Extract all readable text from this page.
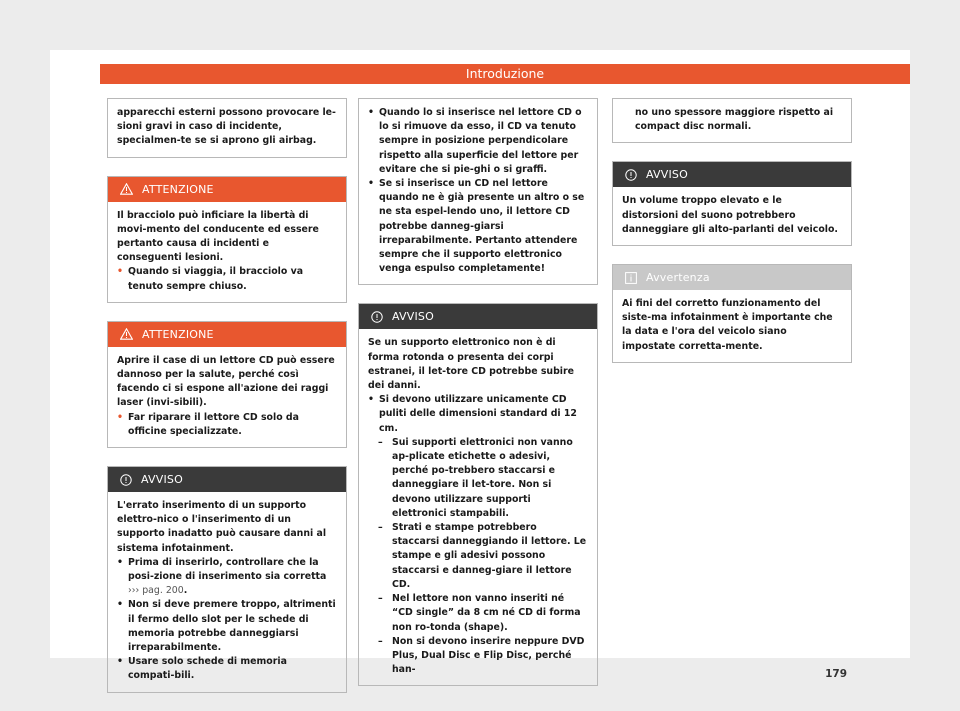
Introduzione

apparecchi esterni possono provocare le-sioni gravi in caso di incidente, specialmen-te se si aprono gli airbag.

ATTENZIONE

Il bracciolo può inficiare la libertà di movi-mento del conducente ed essere pertanto causa di incidenti e conseguenti lesioni.

• Quando si viaggia, il bracciolo va tenuto sempre chiuso.
ATTENZIONE

Aprire il case di un lettore CD può essere dannoso per la salute, perché così facendo ci si espone all'azione dei raggi laser (invi-sibili).

• Far riparare il lettore CD solo da officine specializzate.
AVVISO

L'errato inserimento di un supporto elettro-nico o l'inserimento di un supporto inadatto può causare danni al sistema infotainment.

• Prima di inserirlo, controllare che la posi-zione di inserimento sia corretta
››› pag. 200.
• Non si deve premere troppo, altrimenti il fermo dello slot per le schede di memoria potrebbe danneggiarsi irreparabilmente.
• Usare solo schede di memoria compati-bili.
• Quando lo si inserisce nel lettore CD o lo si rimuove da esso, il CD va tenuto sempre in posizione perpendicolare rispetto alla superficie del lettore per evitare che si pie-ghi o si graffi.
• Se si inserisce un CD nel lettore quando ne è già presente un altro o se ne sta espel-lendo uno, il lettore CD potrebbe danneg-giarsi irreparabilmente. Pertanto attendere sempre che il supporto elettronico venga espulso completamente!
AVVISO

Se un supporto elettronico non è di forma rotonda o presenta dei corpi estranei, il let-tore CD potrebbe subire dei danni.

• Si devono utilizzare unicamente CD puliti delle dimensioni standard di 12 cm.
– Sui supporti elettronici non vanno ap-plicate etichette o adesivi, perché po-trebbero staccarsi e danneggiare il let-tore. Non si devono utilizzare supporti elettronici stampabili.
– Strati e stampe potrebbero staccarsi danneggiando il lettore. Le stampe e gli adesivi possono staccarsi e danneg-giare il lettore CD.
– Nel lettore non vanno inseriti né “CD single” da 8 cm né CD di forma non ro-tonda (shape).
– Non si devono inserire neppure DVD Plus, Dual Disc e Flip Disc, perché han-

no uno spessore maggiore rispetto ai compact disc normali.

AVVISO

Un volume troppo elevato e le distorsioni del suono potrebbero danneggiare gli alto-parlanti del veicolo.

Avvertenza

Ai fini del corretto funzionamento del siste-ma infotainment è importante che la data e l'ora del veicolo siano impostate corretta-mente.

179
